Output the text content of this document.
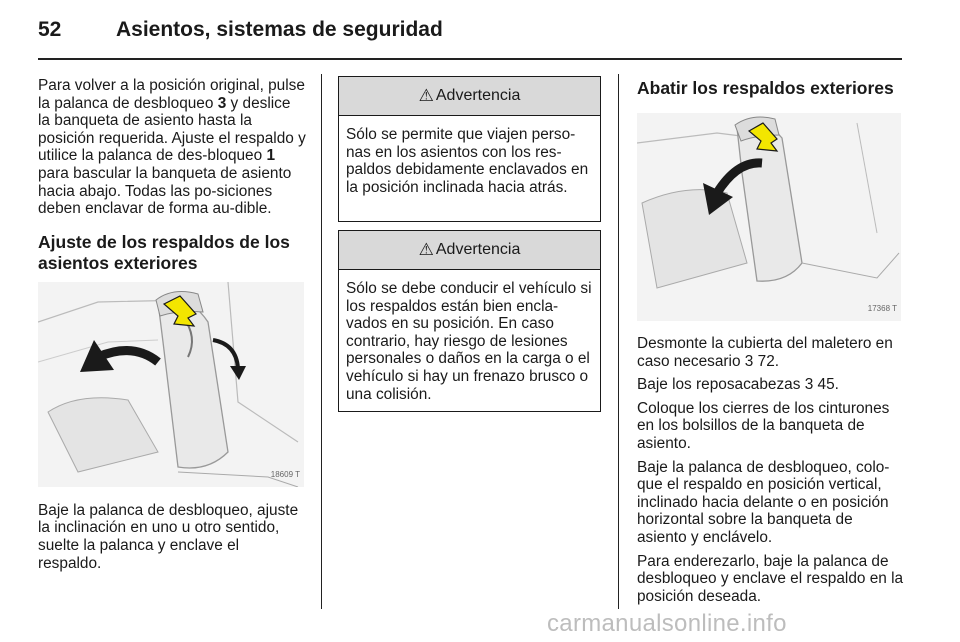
52	Asientos, sistemas de seguridad

Para volver a la posición original, pulse la palanca de desbloqueo 3 y deslice la banqueta de asiento hasta la posición requerida. Ajuste el respaldo y utilice la palanca de des-bloqueo 1 para bascular la banqueta de asiento hacia abajo. Todas las po-siciones deben enclavar de forma au-dible.

Ajuste de los respaldos de los asientos exteriores
18609 T

Baje la palanca de desbloqueo, ajuste la inclinación en uno u otro sentido, suelte la palanca y enclave el respaldo.

⚠ Advertencia
Sólo se permite que viajen perso-nas en los asientos con los res-paldos debidamente enclavados en la posición inclinada hacia atrás.
⚠ Advertencia
Sólo se debe conducir el vehículo si los respaldos están bien encla-vados en su posición. En caso contrario, hay riesgo de lesiones personales o daños en la carga o el vehículo si hay un frenazo brusco o una colisión.
Abatir los respaldos exteriores
17368 T

Desmonte la cubierta del maletero en caso necesario 3 72.

Baje los reposacabezas 3 45.

Coloque los cierres de los cinturones en los bolsillos de la banqueta de asiento.

Baje la palanca de desbloqueo, colo-que el respaldo en posición vertical, inclinado hacia delante o en posición horizontal sobre la banqueta de asiento y enclávelo.

Para enderezarlo, baje la palanca de desbloqueo y enclave el respaldo en la posición deseada.

carmanualsonline.info
